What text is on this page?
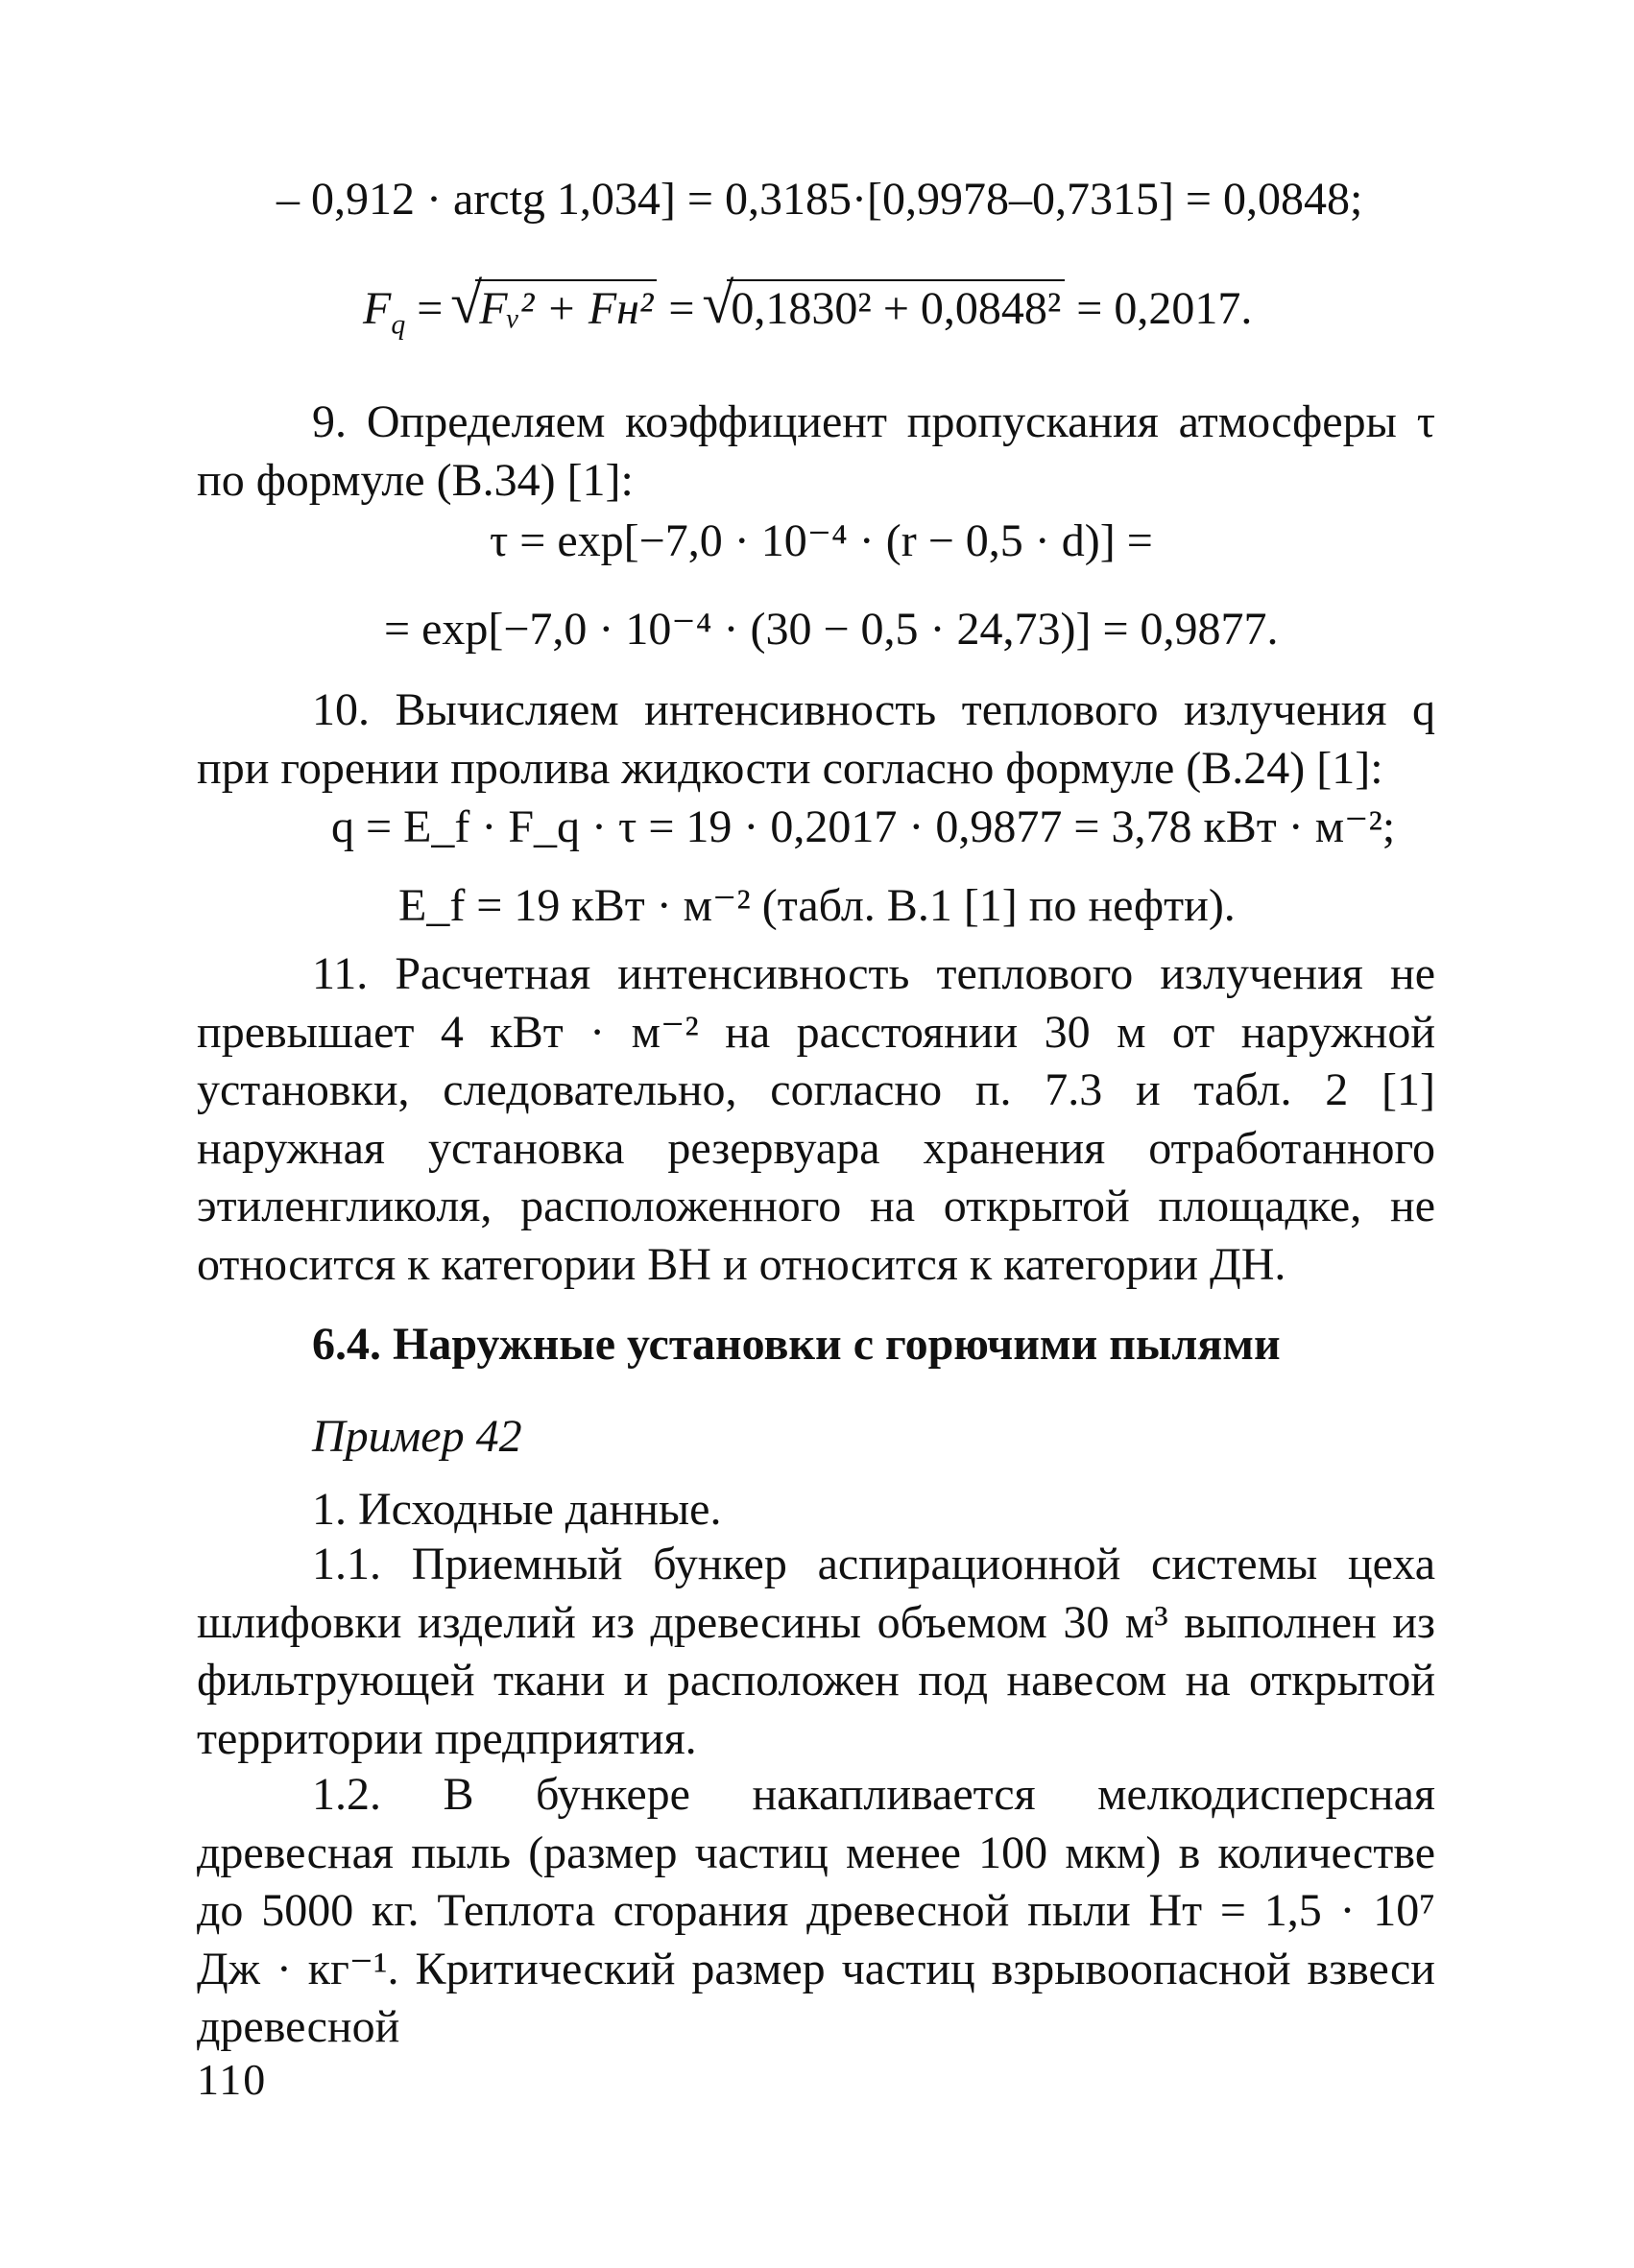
– 0,912 · arctg 1,034] = 0,3185·[0,9978–0,7315] = 0,0848;
$F_q$ = √ Fᵥ² + Fн² = √ 0,1830² + 0,0848² = 0,2017.
9. Определяем коэффициент пропускания атмосферы τ по формуле (В.34) [1]:
τ = exp[−7,0 · 10⁻⁴ · (r − 0,5 · d)] =
= exp[−7,0 · 10⁻⁴ · (30 − 0,5 · 24,73)] = 0,9877.
10. Вычисляем интенсивность теплового излучения q при горении пролива жидкости согласно формуле (В.24) [1]:
q = E_f · F_q · τ = 19 · 0,2017 · 0,9877 = 3,78 кВт · м⁻²;
E_f = 19 кВт · м⁻² (табл. В.1 [1] по нефти).
11. Расчетная интенсивность теплового излучения не превышает 4 кВт · м⁻² на расстоянии 30 м от наружной установки, следовательно, согласно п. 7.3 и табл. 2 [1] наружная установка резервуара хранения отработанного этиленгликоля, расположенного на открытой площадке, не относится к категории ВН и относится к категории ДН.
6.4. Наружные установки с горючими пылями
Пример 42
1. Исходные данные.
1.1. Приемный бункер аспирационной системы цеха шлифовки изделий из древесины объемом 30 м³ выполнен из фильтрующей ткани и расположен под навесом на открытой территории предприятия.
1.2. В бункере накапливается мелкодисперсная древесная пыль (размер частиц менее 100 мкм) в количестве до 5000 кг. Теплота сгорания древесной пыли Hт = 1,5 · 10⁷ Дж · кг⁻¹. Критический размер частиц взрывоопасной взвеси древесной
110
